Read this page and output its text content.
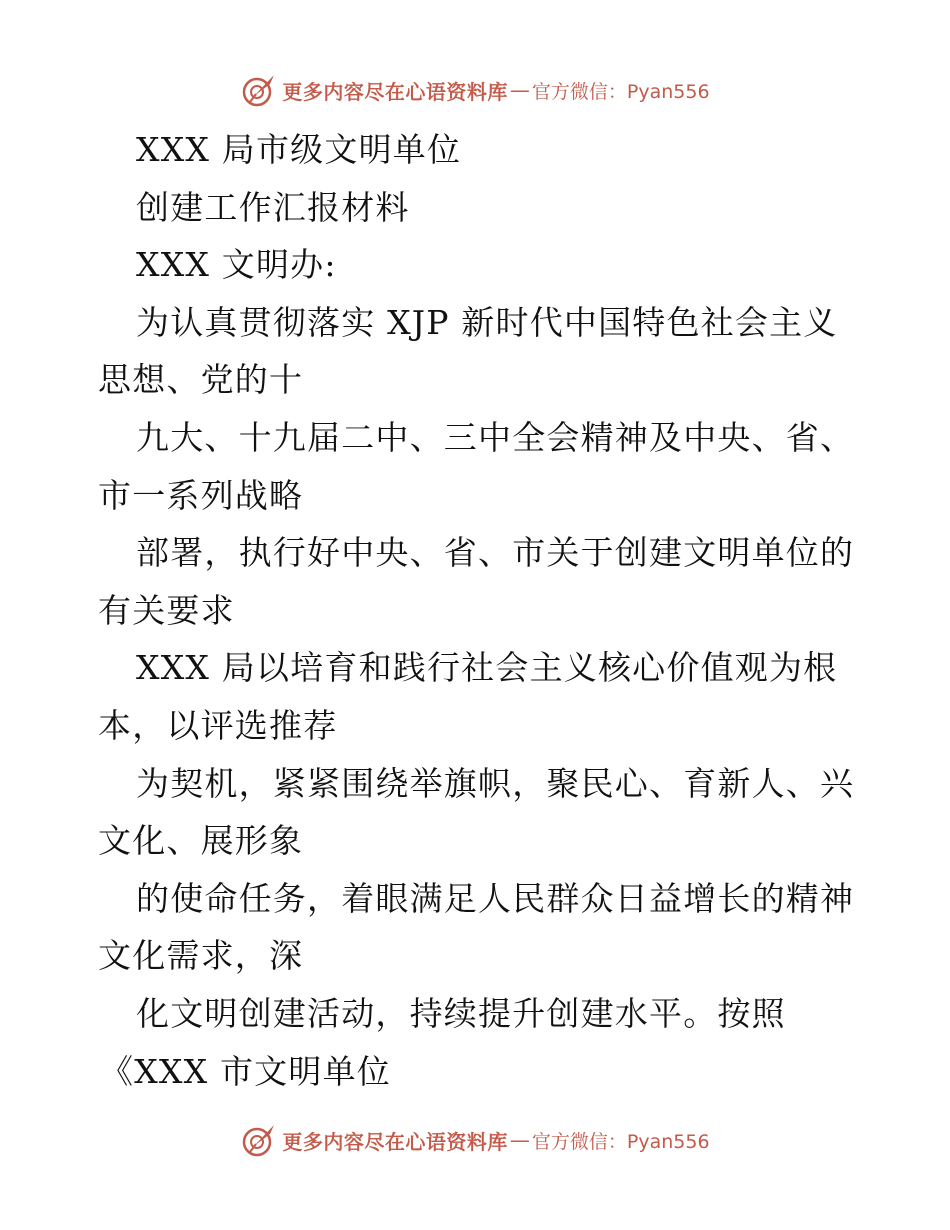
更多内容尽在心语资料库 — 官方微信：Pyan556
XXX 局市级文明单位
创建工作汇报材料
XXX 文明办:
为认真贯彻落实 XJP 新时代中国特色社会主义
思想、党的十
九大、十九届二中、三中全会精神及中央、省、
市一系列战略
部署，执行好中央、省、市关于创建文明单位的
有关要求
XXX 局以培育和践行社会主义核心价值观为根
本，以评选推荐
为契机，紧紧围绕举旗帜，聚民心、育新人、兴
文化、展形象
的使命任务，着眼满足人民群众日益增长的精神
文化需求，深
化文明创建活动，持续提升创建水平。按照
《XXX 市文明单位
更多内容尽在心语资料库 — 官方微信：Pyan556
